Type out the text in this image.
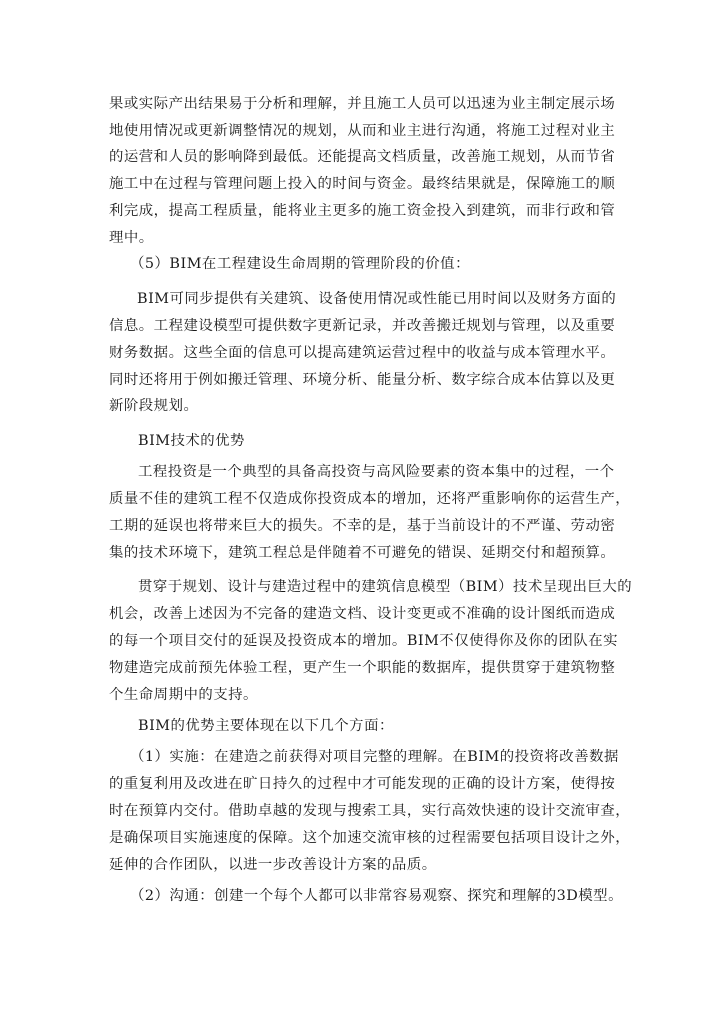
果或实际产出结果易于分析和理解，并且施工人员可以迅速为业主制定展示场
地使用情况或更新调整情况的规划，从而和业主进行沟通，将施工过程对业主
的运营和人员的影响降到最低。还能提高文档质量，改善施工规划，从而节省
施工中在过程与管理问题上投入的时间与资金。最终结果就是，保障施工的顺
利完成，提高工程质量，能将业主更多的施工资金投入到建筑，而非行政和管
理中。
（5）BIM在工程建设生命周期的管理阶段的价值：
BIM可同步提供有关建筑、设备使用情况或性能已用时间以及财务方面的
信息。工程建设模型可提供数字更新记录，并改善搬迁规划与管理，以及重要
财务数据。这些全面的信息可以提高建筑运营过程中的收益与成本管理水平。
同时还将用于例如搬迁管理、环境分析、能量分析、数字综合成本估算以及更
新阶段规划。
BIM技术的优势
工程投资是一个典型的具备高投资与高风险要素的资本集中的过程，一个
质量不佳的建筑工程不仅造成你投资成本的增加，还将严重影响你的运营生产，
工期的延误也将带来巨大的损失。不幸的是，基于当前设计的不严谨、劳动密
集的技术环境下，建筑工程总是伴随着不可避免的错误、延期交付和超预算。
贯穿于规划、设计与建造过程中的建筑信息模型（BIM）技术呈现出巨大的
机会，改善上述因为不完备的建造文档、设计变更或不准确的设计图纸而造成
的每一个项目交付的延误及投资成本的增加。BIM不仅使得你及你的团队在实
物建造完成前预先体验工程，更产生一个职能的数据库，提供贯穿于建筑物整
个生命周期中的支持。
BIM的优势主要体现在以下几个方面：
（1）实施：在建造之前获得对项目完整的理解。在BIM的投资将改善数据
的重复利用及改进在旷日持久的过程中才可能发现的正确的设计方案，使得按
时在预算内交付。借助卓越的发现与搜索工具，实行高效快速的设计交流审查，
是确保项目实施速度的保障。这个加速交流审核的过程需要包括项目设计之外，
延伸的合作团队，以进一步改善设计方案的品质。
（2）沟通：创建一个每个人都可以非常容易观察、探究和理解的3D模型。
